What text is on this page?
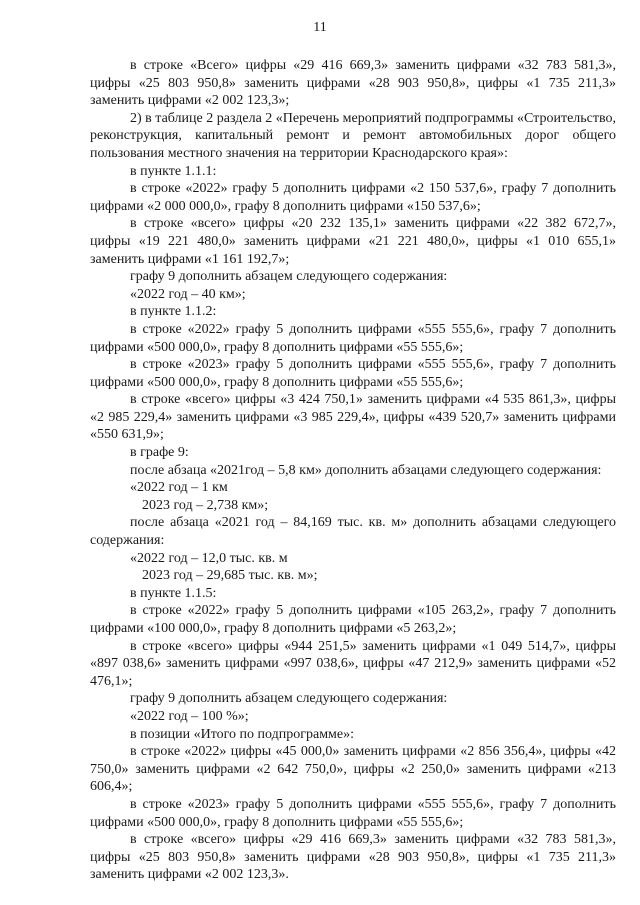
11

в строке «Всего» цифры «29 416 669,3» заменить цифрами «32 783 581,3», цифры «25 803 950,8» заменить цифрами «28 903 950,8», цифры «1 735 211,3» заменить цифрами «2 002 123,3»;

2) в таблице 2 раздела 2 «Перечень мероприятий подпрограммы «Строительство, реконструкция, капитальный ремонт и ремонт автомобильных дорог общего пользования местного значения на территории Краснодарского края»:

в пункте 1.1.1:

в строке «2022» графу 5 дополнить цифрами «2 150 537,6», графу 7 дополнить цифрами «2 000 000,0», графу 8 дополнить цифрами «150 537,6»;

в строке «всего» цифры «20 232 135,1» заменить цифрами «22 382 672,7», цифры «19 221 480,0» заменить цифрами «21 221 480,0», цифры «1 010 655,1» заменить цифрами «1 161 192,7»;

графу 9 дополнить абзацем следующего содержания:

«2022 год – 40 км»;

в пункте 1.1.2:

в строке «2022» графу 5 дополнить цифрами «555 555,6», графу 7 дополнить цифрами «500 000,0», графу 8 дополнить цифрами «55 555,6»;

в строке «2023» графу 5 дополнить цифрами «555 555,6», графу 7 дополнить цифрами «500 000,0», графу 8 дополнить цифрами «55 555,6»;

в строке «всего» цифры «3 424 750,1» заменить цифрами «4 535 861,3», цифры «2 985 229,4» заменить цифрами «3 985 229,4», цифры «439 520,7» заменить цифрами «550 631,9»;

в графе 9:

после абзаца «2021год – 5,8 км» дополнить абзацами следующего содержания:

«2022 год – 1 км

2023 год – 2,738 км»;

после абзаца «2021 год – 84,169 тыс. кв. м» дополнить абзацами следующего содержания:

«2022 год – 12,0 тыс. кв. м

2023 год – 29,685 тыс. кв. м»;

в пункте 1.1.5:

в строке «2022» графу 5 дополнить цифрами «105 263,2», графу 7 дополнить цифрами «100 000,0», графу 8 дополнить цифрами «5 263,2»;

в строке «всего» цифры «944 251,5» заменить цифрами «1 049 514,7», цифры «897 038,6» заменить цифрами «997 038,6», цифры «47 212,9» заменить цифрами «52 476,1»;

графу 9 дополнить абзацем следующего содержания:

«2022 год – 100 %»;

в позиции «Итого по подпрограмме»:

в строке «2022» цифры «45 000,0» заменить цифрами «2 856 356,4», цифры «42 750,0» заменить цифрами «2 642 750,0», цифры «2 250,0» заменить цифрами «213 606,4»;

в строке «2023» графу 5 дополнить цифрами «555 555,6», графу 7 дополнить цифрами «500 000,0», графу 8 дополнить цифрами «55 555,6»;

в строке «всего» цифры «29 416 669,3» заменить цифрами «32 783 581,3», цифры «25 803 950,8» заменить цифрами «28 903 950,8», цифры «1 735 211,3» заменить цифрами «2 002 123,3».
